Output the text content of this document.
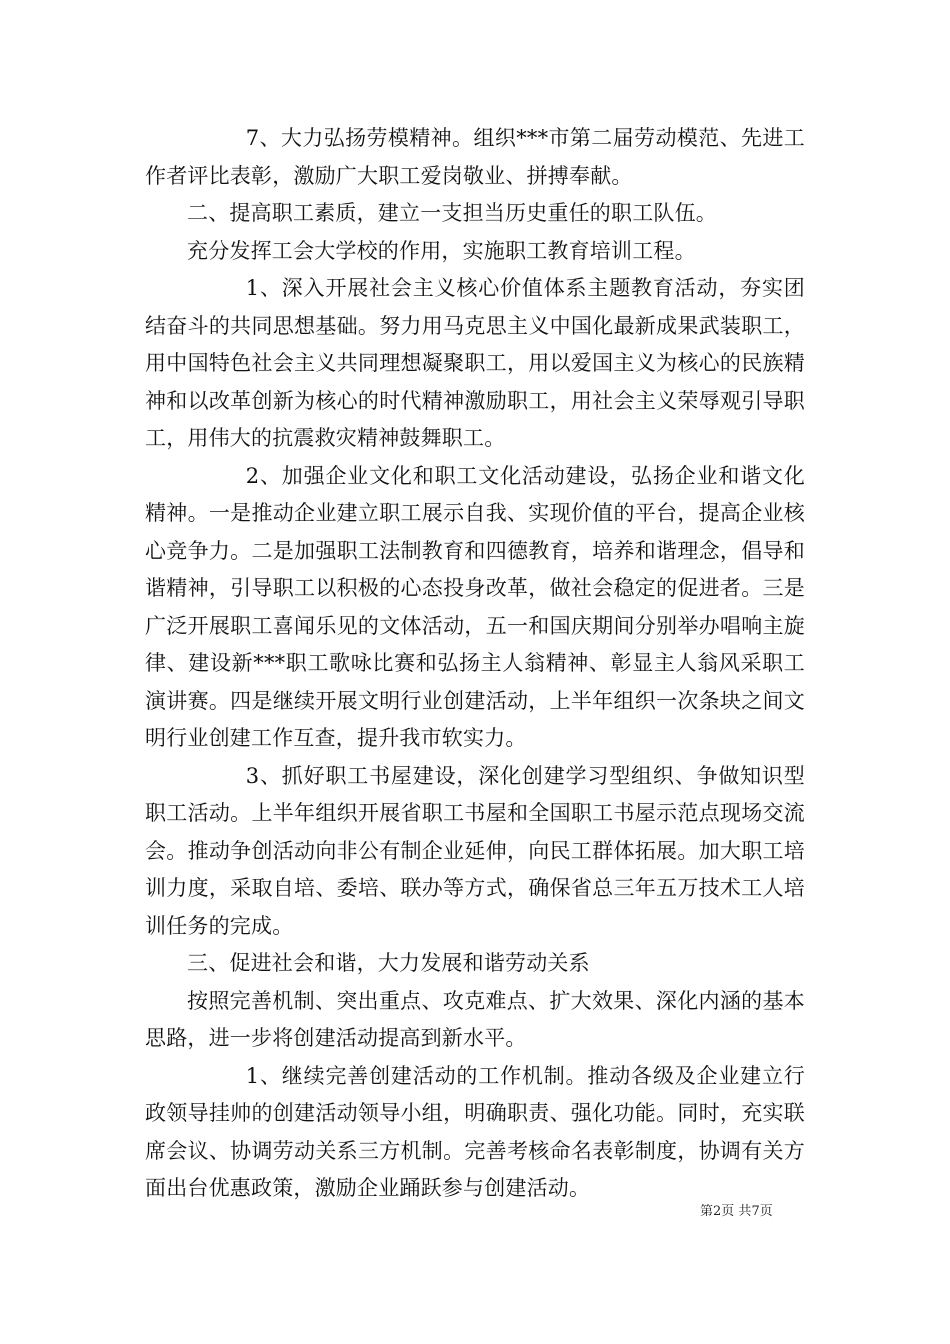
7、大力弘扬劳模精神。组织***市第二届劳动模范、先进工作者评比表彰，激励广大职工爱岗敬业、拼搏奉献。

二、提高职工素质，建立一支担当历史重任的职工队伍。

充分发挥工会大学校的作用，实施职工教育培训工程。

1、深入开展社会主义核心价值体系主题教育活动，夯实团结奋斗的共同思想基础。努力用马克思主义中国化最新成果武装职工，用中国特色社会主义共同理想凝聚职工，用以爱国主义为核心的民族精神和以改革创新为核心的时代精神激励职工，用社会主义荣辱观引导职工，用伟大的抗震救灾精神鼓舞职工。

2、加强企业文化和职工文化活动建设，弘扬企业和谐文化精神。一是推动企业建立职工展示自我、实现价值的平台，提高企业核心竞争力。二是加强职工法制教育和四德教育，培养和谐理念，倡导和谐精神，引导职工以积极的心态投身改革，做社会稳定的促进者。三是广泛开展职工喜闻乐见的文体活动，五一和国庆期间分别举办唱响主旋律、建设新***职工歌咏比赛和弘扬主人翁精神、彰显主人翁风采职工演讲赛。四是继续开展文明行业创建活动，上半年组织一次条块之间文明行业创建工作互查，提升我市软实力。

3、抓好职工书屋建设，深化创建学习型组织、争做知识型职工活动。上半年组织开展省职工书屋和全国职工书屋示范点现场交流会。推动争创活动向非公有制企业延伸，向民工群体拓展。加大职工培训力度，采取自培、委培、联办等方式，确保省总三年五万技术工人培训任务的完成。

三、促进社会和谐，大力发展和谐劳动关系

按照完善机制、突出重点、攻克难点、扩大效果、深化内涵的基本思路，进一步将创建活动提高到新水平。

1、继续完善创建活动的工作机制。推动各级及企业建立行政领导挂帅的创建活动领导小组，明确职责、强化功能。同时，充实联席会议、协调劳动关系三方机制。完善考核命名表彰制度，协调有关方面出台优惠政策，激励企业踊跃参与创建活动。

第2页 共7页
